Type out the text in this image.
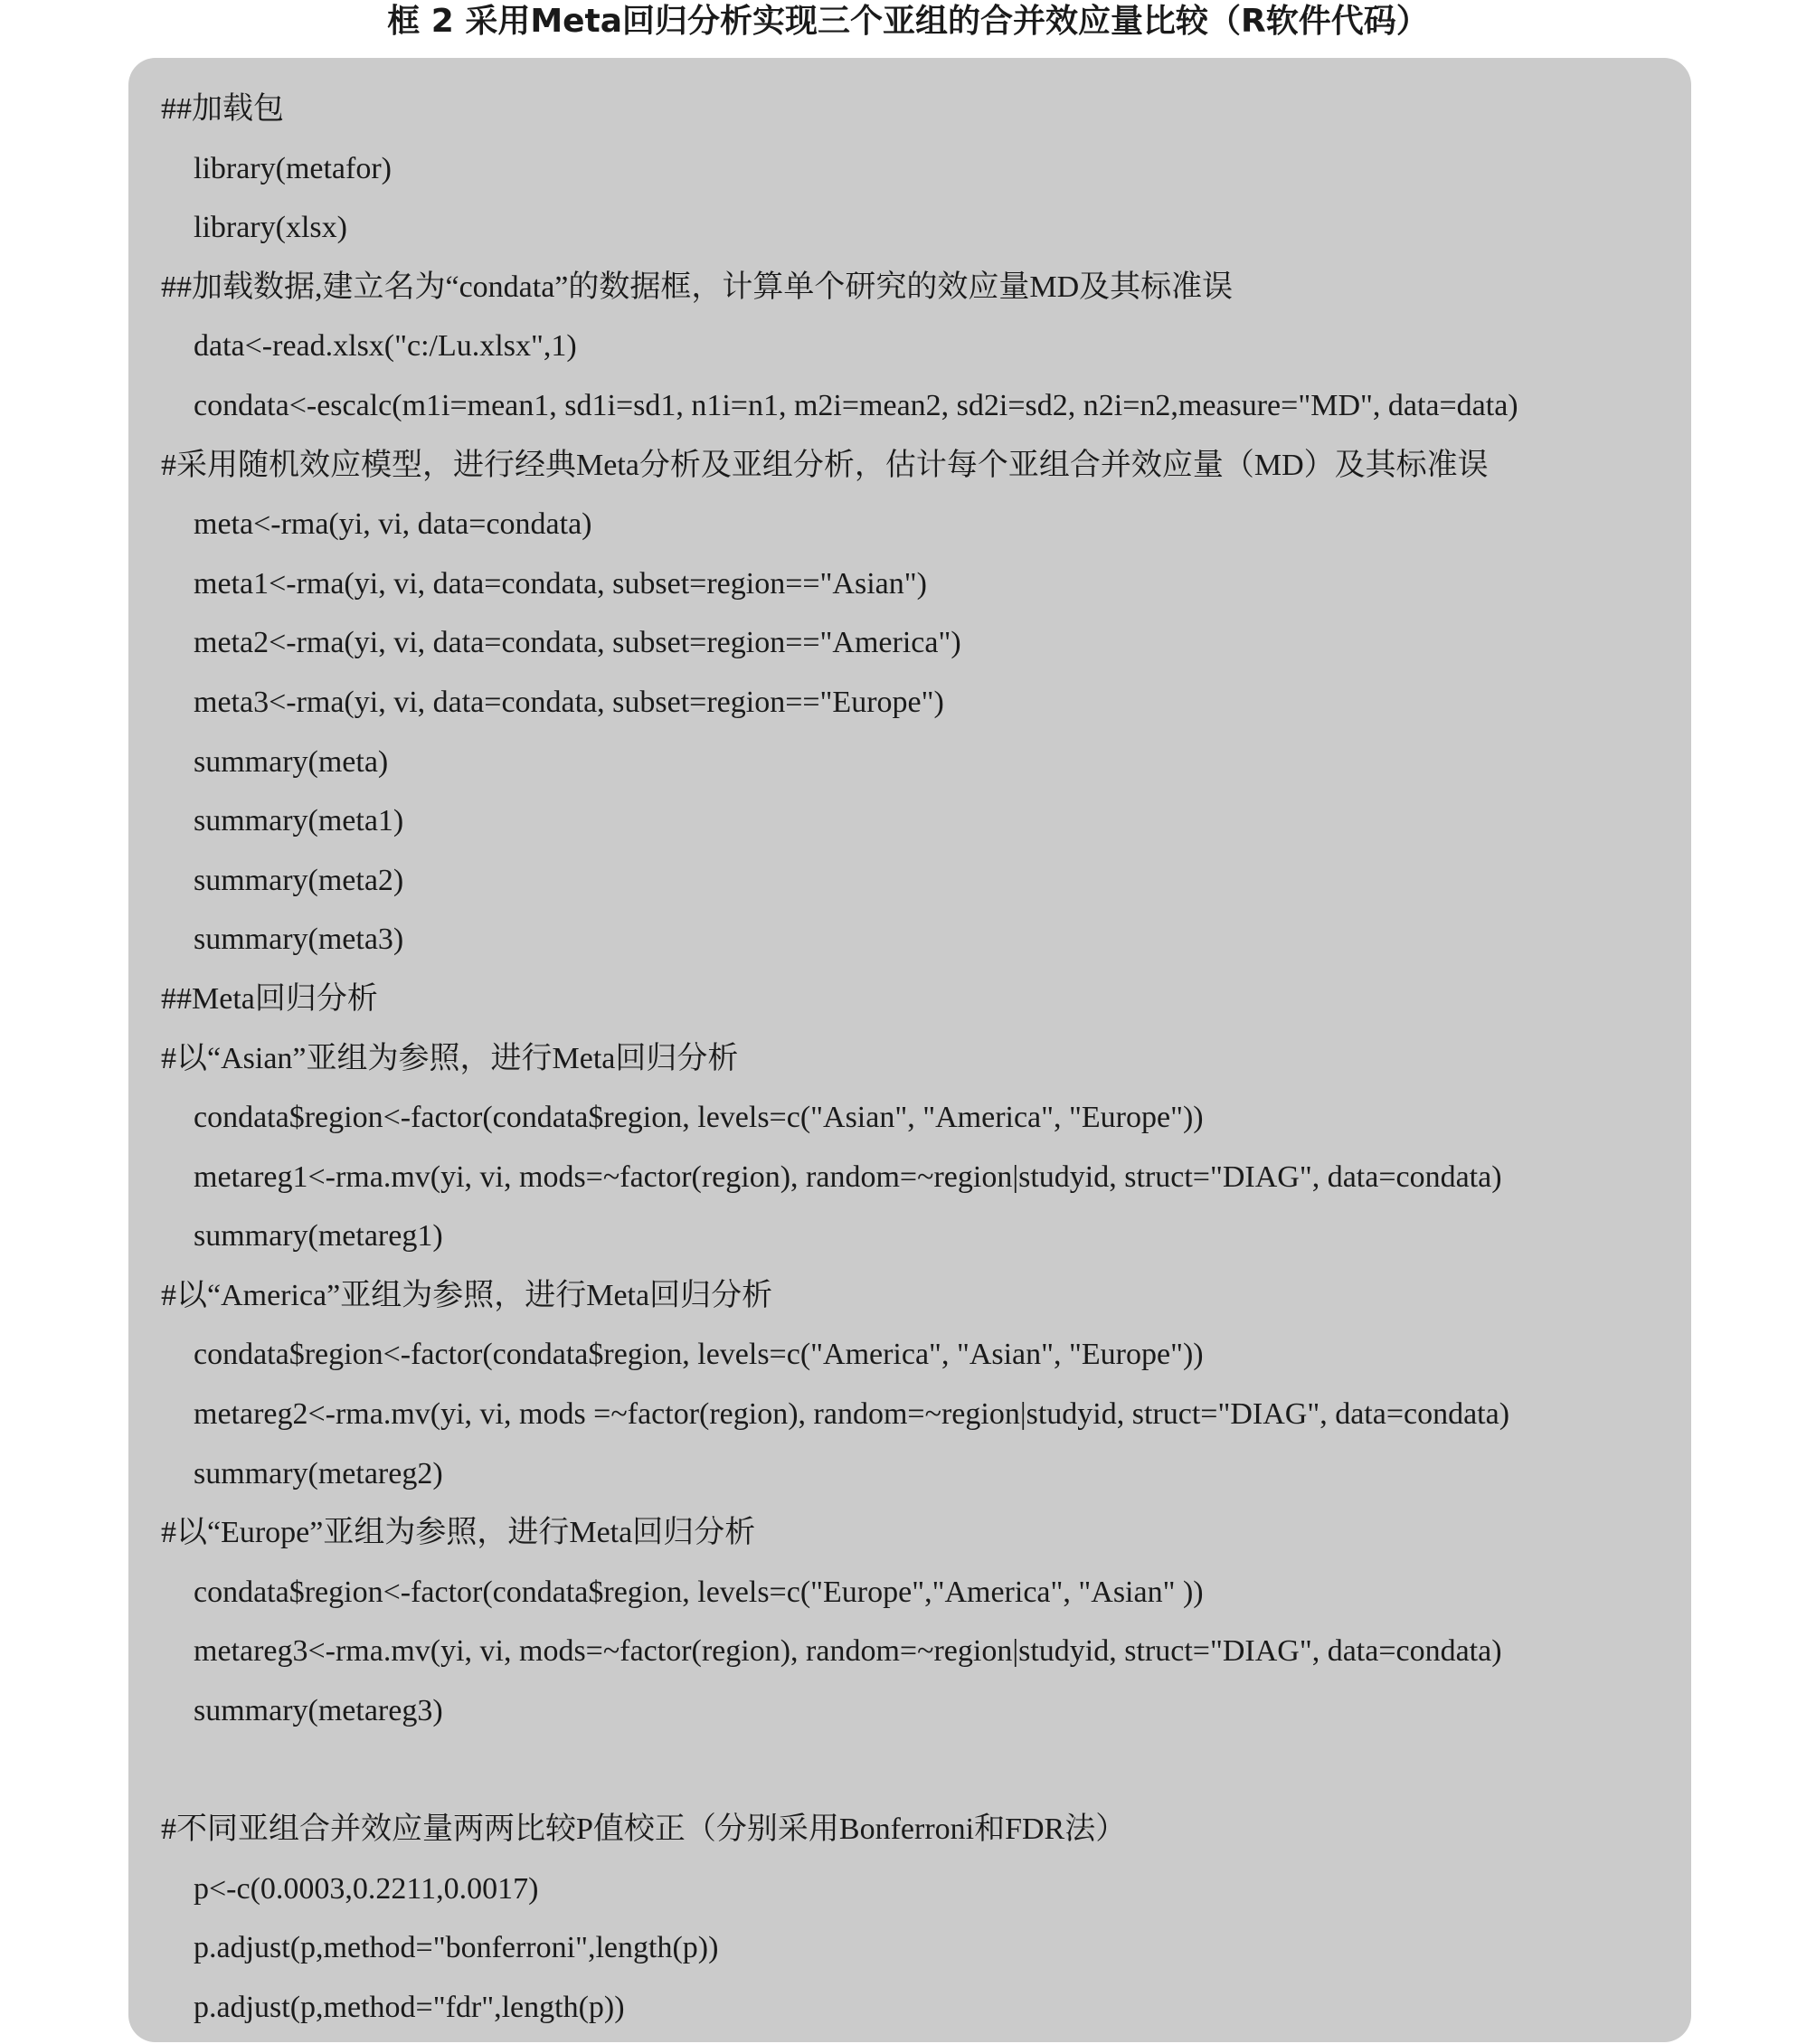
框 2 采用Meta回归分析实现三个亚组的合并效应量比较（R软件代码）
##加载包
library(metafor)
library(xlsx)
##加载数据,建立名为“condata”的数据框，计算单个研究的效应量MD及其标准误
data<-read.xlsx("c:/Lu.xlsx",1)
condata<-escalc(m1i=mean1, sd1i=sd1, n1i=n1, m2i=mean2, sd2i=sd2, n2i=n2,measure="MD", data=data)
#采用随机效应模型，进行经典Meta分析及亚组分析，估计每个亚组合并效应量（MD）及其标准误
meta<-rma(yi, vi, data=condata)
meta1<-rma(yi, vi, data=condata, subset=region=="Asian")
meta2<-rma(yi, vi, data=condata, subset=region=="America")
meta3<-rma(yi, vi, data=condata, subset=region=="Europe")
summary(meta)
summary(meta1)
summary(meta2)
summary(meta3)
##Meta回归分析
#以“Asian”亚组为参照，进行Meta回归分析
condata$region<-factor(condata$region, levels=c("Asian", "America", "Europe"))
metareg1<-rma.mv(yi, vi, mods=~factor(region), random=~region|studyid, struct="DIAG", data=condata)
summary(metareg1)
#以“America”亚组为参照，进行Meta回归分析
condata$region<-factor(condata$region, levels=c("America", "Asian", "Europe"))
metareg2<-rma.mv(yi, vi, mods =~factor(region), random=~region|studyid, struct="DIAG", data=condata)
summary(metareg2)
#以“Europe”亚组为参照，进行Meta回归分析
condata$region<-factor(condata$region, levels=c("Europe","America", "Asian" ))
metareg3<-rma.mv(yi, vi, mods=~factor(region), random=~region|studyid, struct="DIAG", data=condata)
summary(metareg3)
#不同亚组合并效应量两两比较P值校正（分别采用Bonferroni和FDR法）
p<-c(0.0003,0.2211,0.0017)
p.adjust(p,method="bonferroni",length(p))
p.adjust(p,method="fdr",length(p))
